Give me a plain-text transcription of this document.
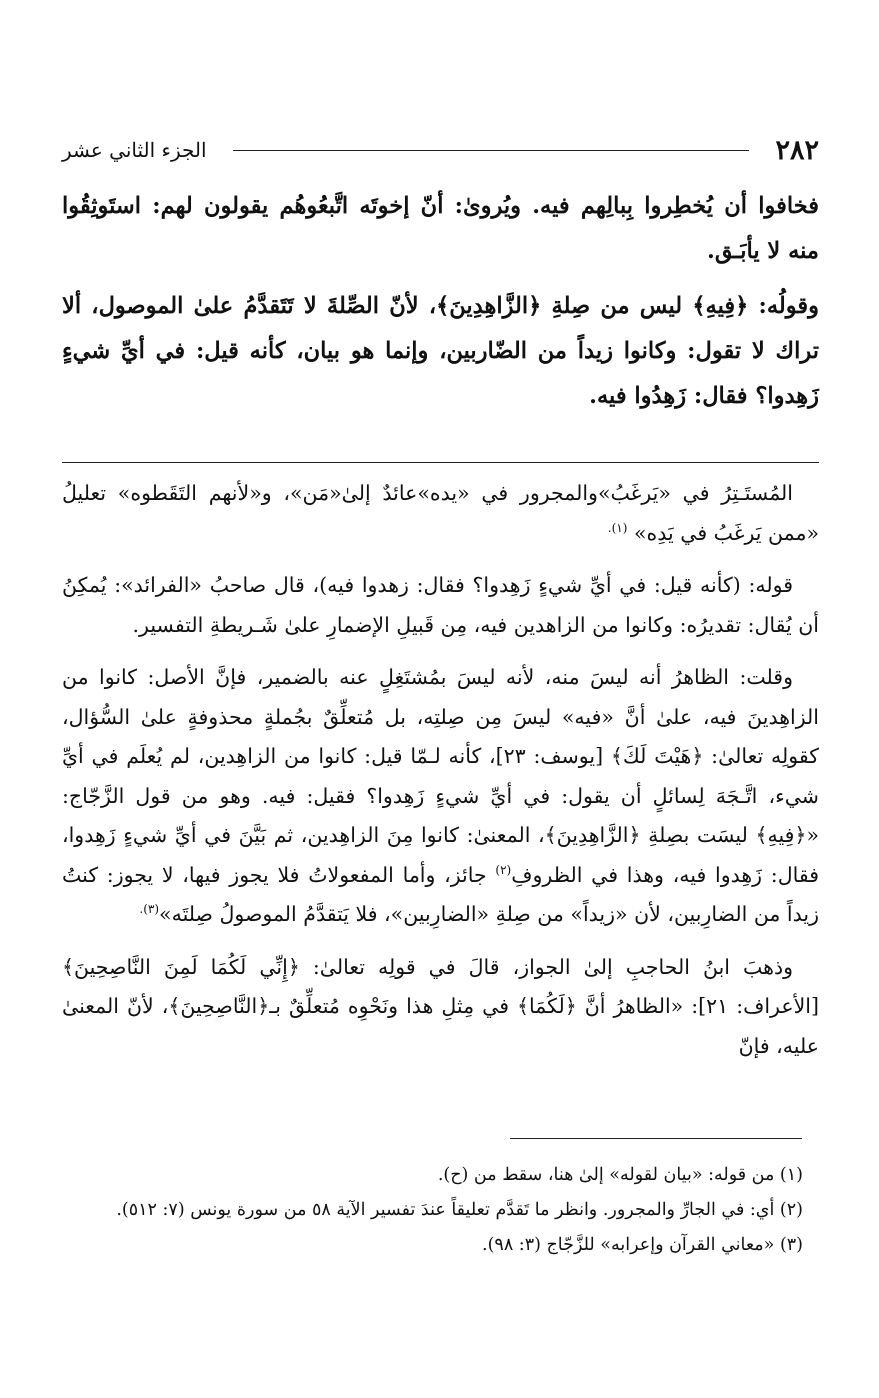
٢٨٢
الجزء الثاني عشر

فخافوا أن يُخطِروا بِبالِهم فيه. ويُروىٰ: أنّ إخوتَه اتَّبعُوهُم يقولون لهم: استَوثِقُوا منه لا يأبَـق.

وقولُه: ﴿فِيهِ﴾ ليس من صِلةِ ﴿الزَّاهِدِينَ﴾، لأنّ الصِّلةَ لا تَتَقدَّمُ علىٰ الموصول، ألا تراك لا تقول: وكانوا زيداً من الضّاربين، وإنما هو بيان، كأنه قيل: في أيِّ شيءٍ زَهِدوا؟ فقال: زَهِدُوا فيه.

المُستَـتِرُ في «يَرغَبُ»والمجرور في «يده»عائدٌ إلىٰ«مَن»، و«لأنهم التَقَطوه» تعليلُ «ممن يَرغَبُ في يَدِه» $^{(١).}$

قوله: (كأنه قيل: في أيِّ شيءٍ زَهِدوا؟ فقال: زهدوا فيه)، قال صاحبُ «الفرائد»: يُمكِنُ أن يُقال: تقديرُه: وكانوا من الزاهدين فيه، مِن قَبيلِ الإضمارِ علىٰ شَـريطةِ التفسير.

وقلت: الظاهرُ أنه ليسَ منه، لأنه ليسَ بمُشتَغِلٍ عنه بالضمير، فإنَّ الأصل: كانوا من الزاهِدينَ فيه، علىٰ أنَّ «فيه» ليسَ مِن صِلتِه، بل مُتعلِّقٌ بجُملةٍ محذوفةٍ علىٰ السُّؤال، كقولِه تعالىٰ: ﴿هَيْتَ لَكَ﴾ [يوسف: ٢٣]، كأنه لـمّا قيل: كانوا من الزاهِدين، لم يُعلَم في أيِّ شيء، اتَّـجَهَ لِسائلٍ أن يقول: في أيِّ شيءٍ زَهِدوا؟ فقيل: فيه. وهو من قول الزَّجّاج: «﴿فِيهِ﴾ ليسَت بصِلةِ ﴿الزَّاهِدِينَ﴾، المعنىٰ: كانوا مِنَ الزاهِدين، ثم بَيَّنَ في أيِّ شيءٍ زَهِدوا، فقال: زَهِدوا فيه، وهذا في الظروفِ$^{(٢)}$ جائز، وأما المفعولاتُ فلا يجوز فيها، لا يجوز: كنتُ زيداً من الضارِبين، لأن «زيداً» من صِلةِ «الضارِبين»، فلا يَتقدَّمُ الموصولُ صِلتَه»$^{(٣).}$

وذهبَ ابنُ الحاجبِ إلىٰ الجواز، قالَ في قولِه تعالىٰ: ﴿إِنِّي لَكُمَا لَمِنَ النَّاصِحِينَ﴾ [الأعراف: ٢١]: «الظاهرُ أنَّ ﴿لَكُمَا﴾ في مِثلِ هذا ونَحْوِه مُتعلِّقٌ بـ﴿النَّاصِحِينَ﴾، لأنّ المعنىٰ عليه، فإنّ

(١) من قوله: «بيان لقوله» إلىٰ هنا، سقط من (ح).

(٢) أي: في الجارِّ والمجرور. وانظر ما تَقدَّم تعليقاً عندَ تفسير الآية ٥٨ من سورة يونس (٧: ٥١٢).

(٣) «معاني القرآن وإعرابه» للزَّجّاج (٣: ٩٨).
